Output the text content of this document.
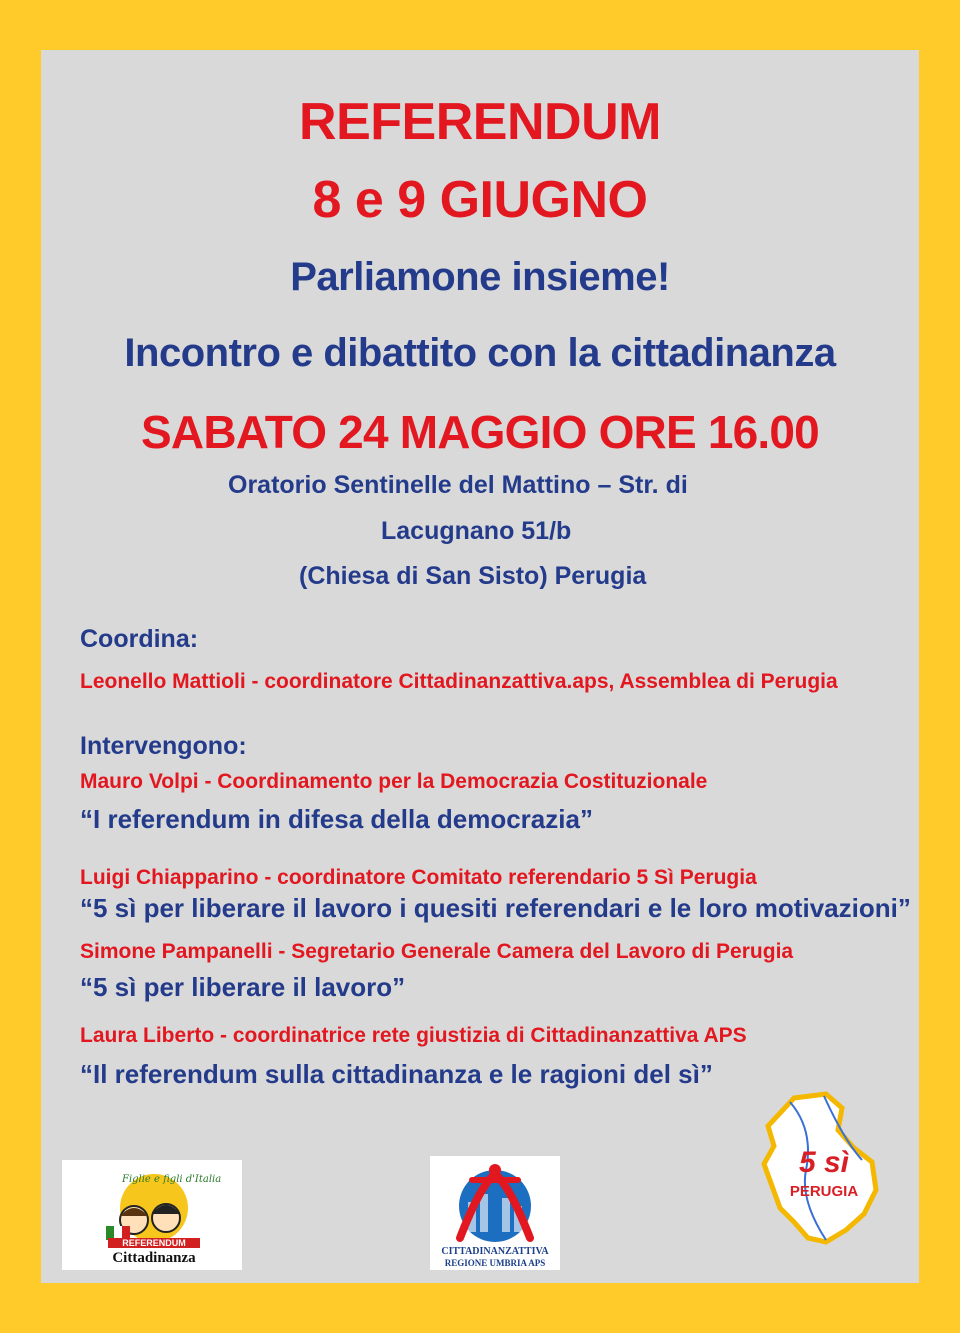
REFERENDUM

8 e 9 GIUGNO

Parliamone insieme!

Incontro e dibattito con la cittadinanza

SABATO 24 MAGGIO ORE 16.00

Oratorio Sentinelle del Mattino – Str. di

Lacugnano 51/b

(Chiesa di San Sisto) Perugia

Coordina:

Leonello Mattioli - coordinatore Cittadinanzattiva.aps, Assemblea di Perugia

Intervengono:

Mauro Volpi - Coordinamento per la Democrazia Costituzionale

“I referendum in difesa della democrazia”

Luigi Chiapparino - coordinatore Comitato referendario 5 Sì Perugia

“5 sì per liberare il lavoro i quesiti referendari e le loro motivazioni”

Simone Pampanelli - Segretario Generale Camera del Lavoro di Perugia

“5 sì per liberare il lavoro”

Laura Liberto - coordinatrice rete giustizia di Cittadinanzattiva APS

“Il referendum sulla cittadinanza e le ragioni del sì”

Figlie e figli d'Italia
REFERENDUM
Cittadinanza	CITTADINANZATTIVA
REGIONE UMBRIA APS
5 sì
PERUGIA
